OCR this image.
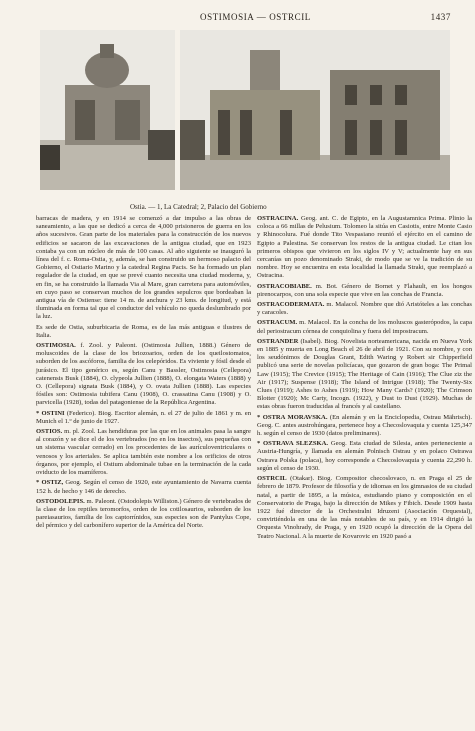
OSTIMOSIA — OSTRCIL	1437
Ostia. — 1, La Catedral; 2, Palacio del Gobierno

barracas de madera, y en 1914 se comenzó a dar impulso a las obras de saneamiento, a las que se dedicó a cerca de 4,000 prisioneros de guerra en los años sucesivos. Gran parte de los materiales para la construcción de los nuevos edificios se sacaron de las excavaciones de la antigua ciudad, que en 1923 contaba ya con un núcleo de más de 100 casas. Al año siguiente se inauguró la línea del f. c. Roma-Ostia, y, además, se han construido un hermoso palacio del Gobierno, el Ostiario Marino y la catedral Regina Pacis. Se ha formado un plan regulador de la ciudad, en que se prevé cuanto necesita una ciudad moderna, y, en fin, se ha construido la llamada Via al Mare, gran carretera para automóviles, en cuyo paso se conservan muchos de los grandes sepulcros que bordeaban la antigua vía de Ostiense: tiene 14 m. de anchura y 23 kms. de longitud, y está iluminada en forma tal que el conductor del vehículo no queda deslumbrado por la luz.

Es sede de Ostia, suburbicaria de Roma, es de las más antiguas e ilustres de Italia.

OSTIMOSIA. f. Zool. y Paleont. (Ostimosia Jullien, 1888.) Género de moluscoides de la clase de los briozoarios, orden de los queilostomatos, suborden de los ascóforos, familia de los celepóridos. Es viviente y fósil desde el jurásico. El tipo genérico es, según Canu y Bassler, Ostimosia (Cellepora) catenensis Busk (1884), O. clypeola Jullien (1888), O. elongata Waters (1888) y O. (Cellepora) signata Busk (1884), y O. ovata Jullien (1888). Las especies fósiles son: Ostimosia tubifera Canu (1908), O. crassatina Canu (1908) y O. parvicella (1928), todas del patagoniense de la República Argentina.

* OSTINI (Federico). Biog. Escritor alemán, n. el 27 de julio de 1861 y m. en Munich el 1.º de junio de 1927.

OSTIOS. m. pl. Zool. Las hendiduras por las que en los animales pasa la sangre al corazón y se dice el de los vertebrados (no en los insectos), sus pequeñas con un sistema vascular cerrado) en los procedentes de las aurículoventriculares o venosos y los arteriales. Se aplica también este nombre a los orificios de otros órganos, por ejemplo, el Ostium abdominale tubae en la terminación de la cada oviducto de los mamíferos.

* OSTIZ, Geog. Según el censo de 1920, este ayuntamiento de Navarra cuenta 152 h. de hecho y 146 de derecho.

OSTODOLEPIS. m. Paleont. (Ostodolepis Williston.) Género de vertebrados de la clase de los reptiles teromorfos, orden de los cotilosaurios, suborden de los pareiasaurios, familia de los captorrínidos, sus especies son de Pantylus Cope, del pérmico y del carbonífero superior de la América del Norte.

OSTRACINA. Geog. ant. C. de Egipto, en la Augustamnica Prima. Plinio la coloca a 66 millas de Pelusium. Tolomeo la sitúa en Casiotis, entre Monte Casio y Rhinocolura. Fué donde Tito Vespasiano reunió el ejército en el camino de Egipto a Palestina. Se conservan los restos de la antigua ciudad. Le citan los primeros obispos que vivieron en los siglos IV y V; actualmente hay en sus cercanías un pozo denominado Straki, de modo que se ve la tradición de su nombre. Hoy se encuentra en esta localidad la llamada Straki, que reemplazó a Ostracina.

OSTRACOBIABE. m. Bot. Género de Bornet y Flahault, en los hongos pirenocarpos, con una sola especie que vive en las conchas de Francia.

OSTRACODERMATA. m. Malacol. Nombre que dió Aristóteles a las conchas y caracoles.

OSTRACUM. m. Malacol. En la concha de los moluscos gasterópodos, la capa del periostracum córnea de conquiolina y fuera del impostracum.

OSTRANDER (Isabel). Biog. Novelista norteamericana, nacida en Nueva York en 1885 y muerta en Long Beach el 26 de abril de 1921. Con su nombre, y con los seudónimos de Douglas Grant, Edith Waring y Robert sir Chipperfield publicó una serie de novelas policíacas, que gozaron de gran boga: The Primal Law (1915); The Crevice (1915); The Heritage of Cain (1916); The Clue ziz the Air (1917); Suspense (1918); The Island of Intrigue (1918); The Twenty-Six Clues (1919); Ashes to Ashes (1919); How Many Cards? (1920); The Crimson Blotter (1920); Mc Carty, Incogn. (1922), y Dust to Dust (1929). Muchas de estas obras fueron traducidas al francés y al castellano.

* OSTRA MORAVSKA. (En alemán y en la Enciclopedia, Ostrau Mährisch). Geog. C. antes austrohúngara, pertenece hoy a Checoslovaquia y cuenta 125,347 h. según el censo de 1930 (datos preliminares).

* OSTRAVA SLEZSKA. Geog. Esta ciudad de Silesia, antes perteneciente a Austria-Hungría, y llamada en alemán Polnisch Ostrau y en polaco Ostrawa Ostrava Polska (polaca), hoy corresponde a Checoslovaquia y cuenta 22,290 h. según el censo de 1930.

OSTRCIL (Otakar). Biog. Compositor checoslovaco, n. en Praga el 25 de febrero de 1879. Profesor de filosofía y de idiomas en los gimnasios de su ciudad natal, a partir de 1895, a la música, estudiando piano y composición en el Conservatorio de Praga, bajo la dirección de Mikes y Fibich. Desde 1909 hasta 1922 fué director de la Orchestralni Idruzeni (Asociación Orquestal), convirtiéndola en una de las más notables de su país, y en 1914 dirigió la Orquesta Vinohrady, de Praga, y en 1920 ocupó la dirección de la Opera del Teatro Nacional. A la muerte de Kovarovic en 1920 pasó a
